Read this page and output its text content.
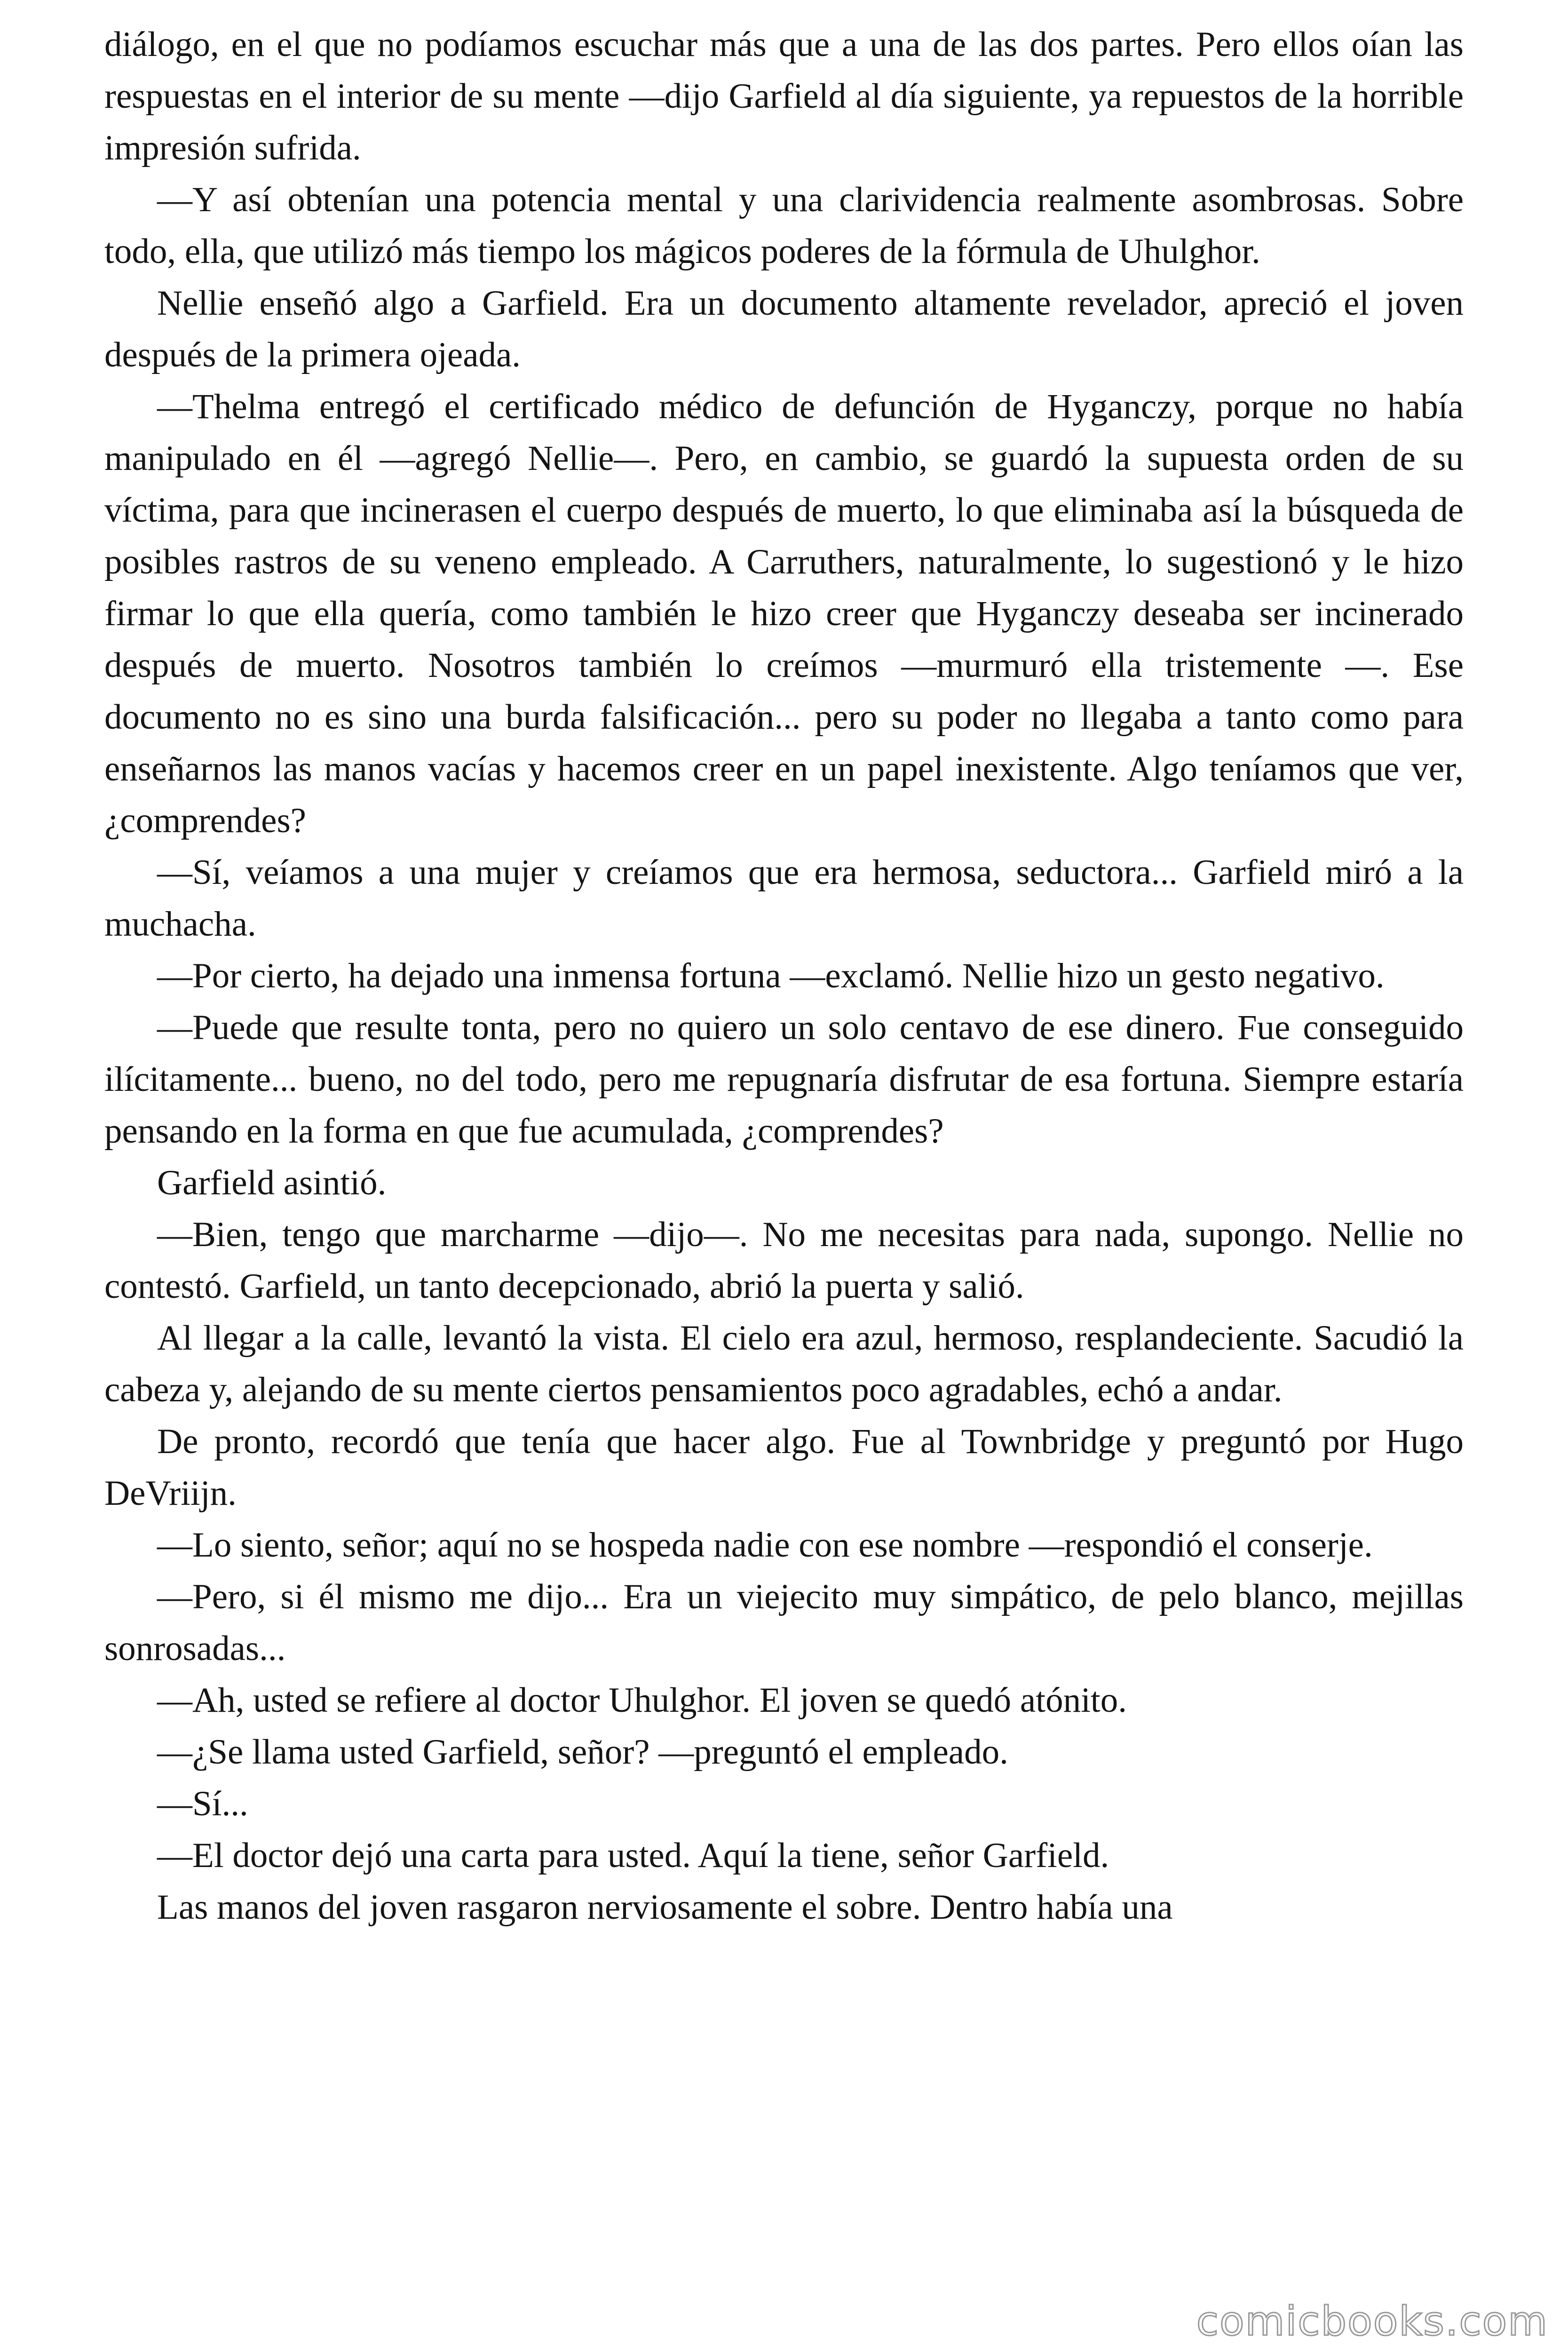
diálogo, en el que no podíamos escuchar más que a una de las dos partes. Pero ellos oían las respuestas en el interior de su mente —dijo Garfield al día siguiente, ya repuestos de la horrible impresión sufrida.

—Y así obtenían una potencia mental y una clarividencia realmente asombrosas. Sobre todo, ella, que utilizó más tiempo los mágicos poderes de la fórmula de Uhulghor.

Nellie enseñó algo a Garfield. Era un documento altamente revelador, apreció el joven después de la primera ojeada.

—Thelma entregó el certificado médico de defunción de Hyganczy, porque no había manipulado en él —agregó Nellie—. Pero, en cambio, se guardó la supuesta orden de su víctima, para que incinerasen el cuerpo después de muerto, lo que eliminaba así la búsqueda de posibles rastros de su veneno empleado. A Carruthers, naturalmente, lo sugestionó y le hizo firmar lo que ella quería, como también le hizo creer que Hyganczy deseaba ser incinerado después de muerto. Nosotros también lo creímos —murmuró ella tristemente —. Ese documento no es sino una burda falsificación... pero su poder no llegaba a tanto como para enseñarnos las manos vacías y hacemos creer en un papel inexistente. Algo teníamos que ver, ¿comprendes?

—Sí, veíamos a una mujer y creíamos que era hermosa, seductora... Garfield miró a la muchacha.

—Por cierto, ha dejado una inmensa fortuna —exclamó. Nellie hizo un gesto negativo.

—Puede que resulte tonta, pero no quiero un solo centavo de ese dinero. Fue conseguido ilícitamente... bueno, no del todo, pero me repugnaría disfrutar de esa fortuna. Siempre estaría pensando en la forma en que fue acumulada, ¿comprendes?

Garfield asintió.

—Bien, tengo que marcharme —dijo—. No me necesitas para nada, supongo. Nellie no contestó. Garfield, un tanto decepcionado, abrió la puerta y salió.

Al llegar a la calle, levantó la vista. El cielo era azul, hermoso, resplandeciente. Sacudió la cabeza y, alejando de su mente ciertos pensamientos poco agradables, echó a andar.

De pronto, recordó que tenía que hacer algo. Fue al Townbridge y preguntó por Hugo DeVriijn.

—Lo siento, señor; aquí no se hospeda nadie con ese nombre —respondió el conserje.

—Pero, si él mismo me dijo... Era un viejecito muy simpático, de pelo blanco, mejillas sonrosadas...

—Ah, usted se refiere al doctor Uhulghor. El joven se quedó atónito.

—¿Se llama usted Garfield, señor? —preguntó el empleado.

—Sí...

—El doctor dejó una carta para usted. Aquí la tiene, señor Garfield.

Las manos del joven rasgaron nerviosamente el sobre. Dentro había una

comicbooks.com
